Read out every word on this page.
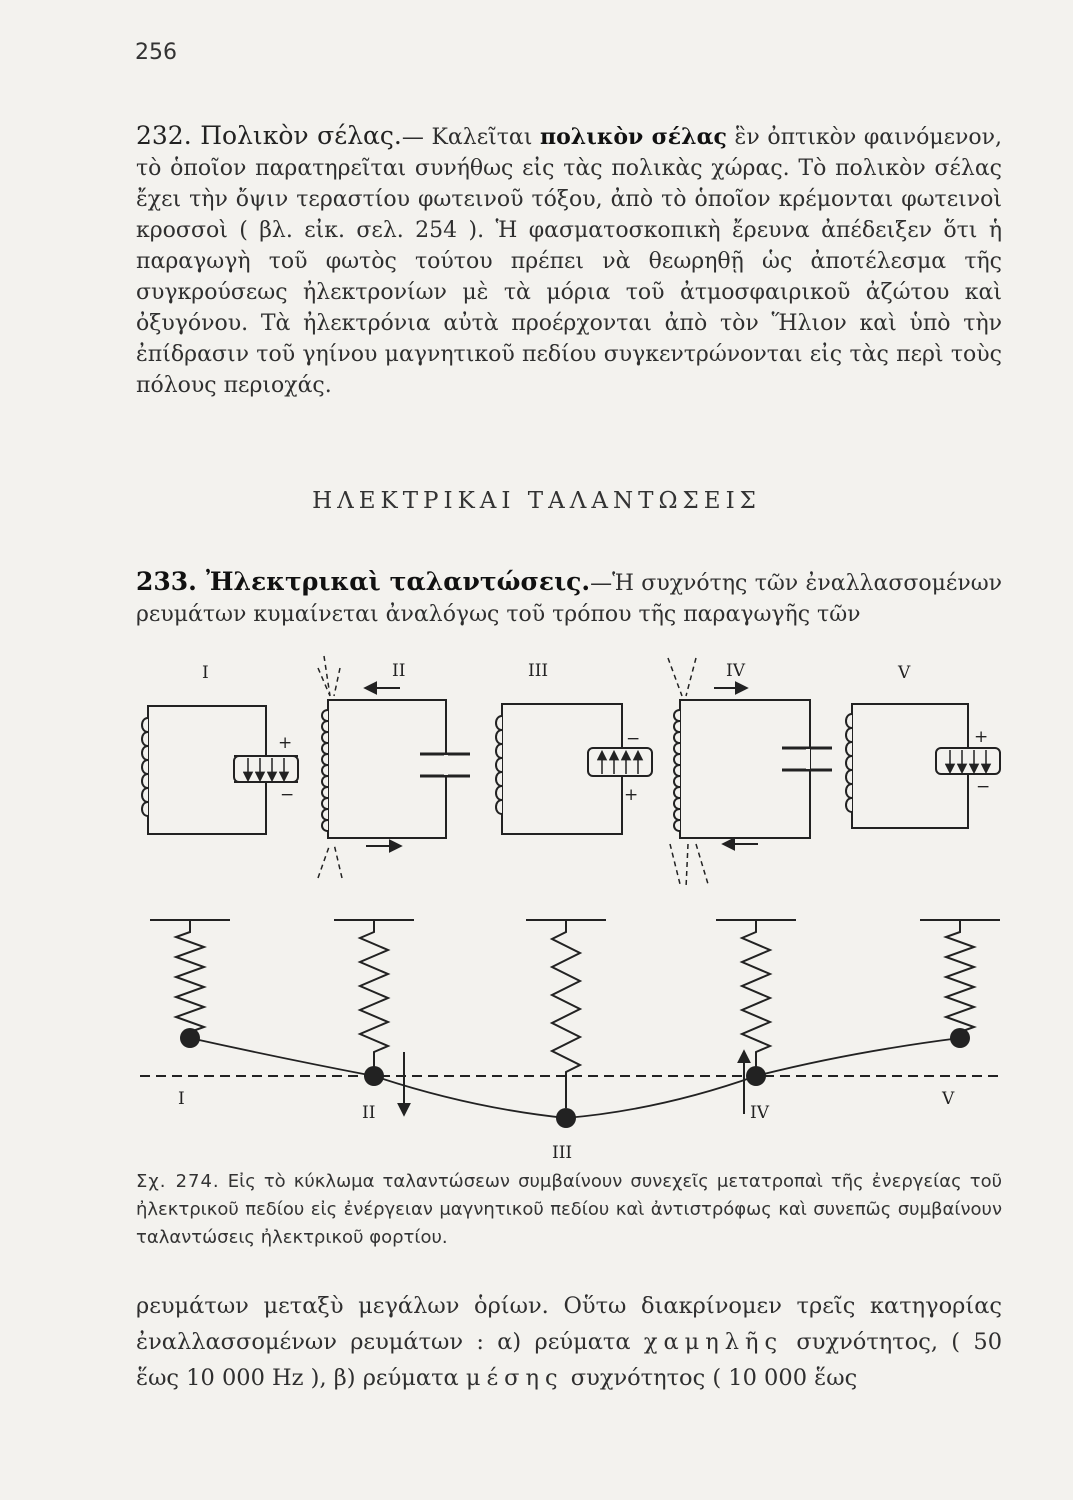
256
232. Πολικὸν σέλας.— Καλεῖται πολικὸν σέλας ἓν ὀπτικὸν φαινόμενον, τὸ ὁποῖον παρατηρεῖται συνήθως εἰς τὰς πολικὰς χώρας. Τὸ πολικὸν σέλας ἔχει τὴν ὄψιν τεραστίου φωτεινοῦ τόξου, ἀπὸ τὸ ὁποῖον κρέμονται φωτεινοὶ κροσσοὶ ( βλ. εἰκ. σελ. 254 ). Ἡ φασματοσκοπικὴ ἔρευνα ἀπέδειξεν ὅτι ἡ παραγωγὴ τοῦ φωτὸς τούτου πρέπει νὰ θεωρηθῇ ὡς ἀποτέλεσμα τῆς συγκρούσεως ἠλεκτρονίων μὲ τὰ μόρια τοῦ ἀτμοσφαιρικοῦ ἀζώτου καὶ ὀξυγόνου. Τὰ ἠλεκτρόνια αὐτὰ προέρχονται ἀπὸ τὸν Ἥλιον καὶ ὑπὸ τὴν ἐπίδρασιν τοῦ γηίνου μαγνητικοῦ πεδίου συγκεντρώνονται εἰς τὰς περὶ τοὺς πόλους περιοχάς.
ΗΛΕΚΤΡΙΚΑΙ ΤΑΛΑΝΤΩΣΕΙΣ
233. Ἠλεκτρικαὶ ταλαντώσεις.—Ἡ συχνότης τῶν ἐναλλασσομένων ρευμάτων κυμαίνεται ἀναλόγως τοῦ τρόπου τῆς παραγωγῆς τῶν
I	II	III	IV	V
+
−
−
+
+
−
I
II
III
IV
V
Σχ. 274. Εἰς τὸ κύκλωμα ταλαντώσεων συμβαίνουν συνεχεῖς μετατροπαὶ τῆς ἐνεργείας τοῦ ἠλεκτρικοῦ πεδίου εἰς ἐνέργειαν μαγνητικοῦ πεδίου καὶ ἀντιστρόφως καὶ συνεπῶς συμβαίνουν ταλαντώσεις ἠλεκτρικοῦ φορτίου.
ρευμάτων μεταξὺ μεγάλων ὁρίων. Οὕτω διακρίνομεν τρεῖς κατηγορίας ἐναλλασσομένων ρευμάτων : α) ρεύματα χαμηλῆς συχνότητος, ( 50 ἕως 10 000 Hz ), β) ρεύματα μέσης συχνότητος ( 10 000 ἕως
